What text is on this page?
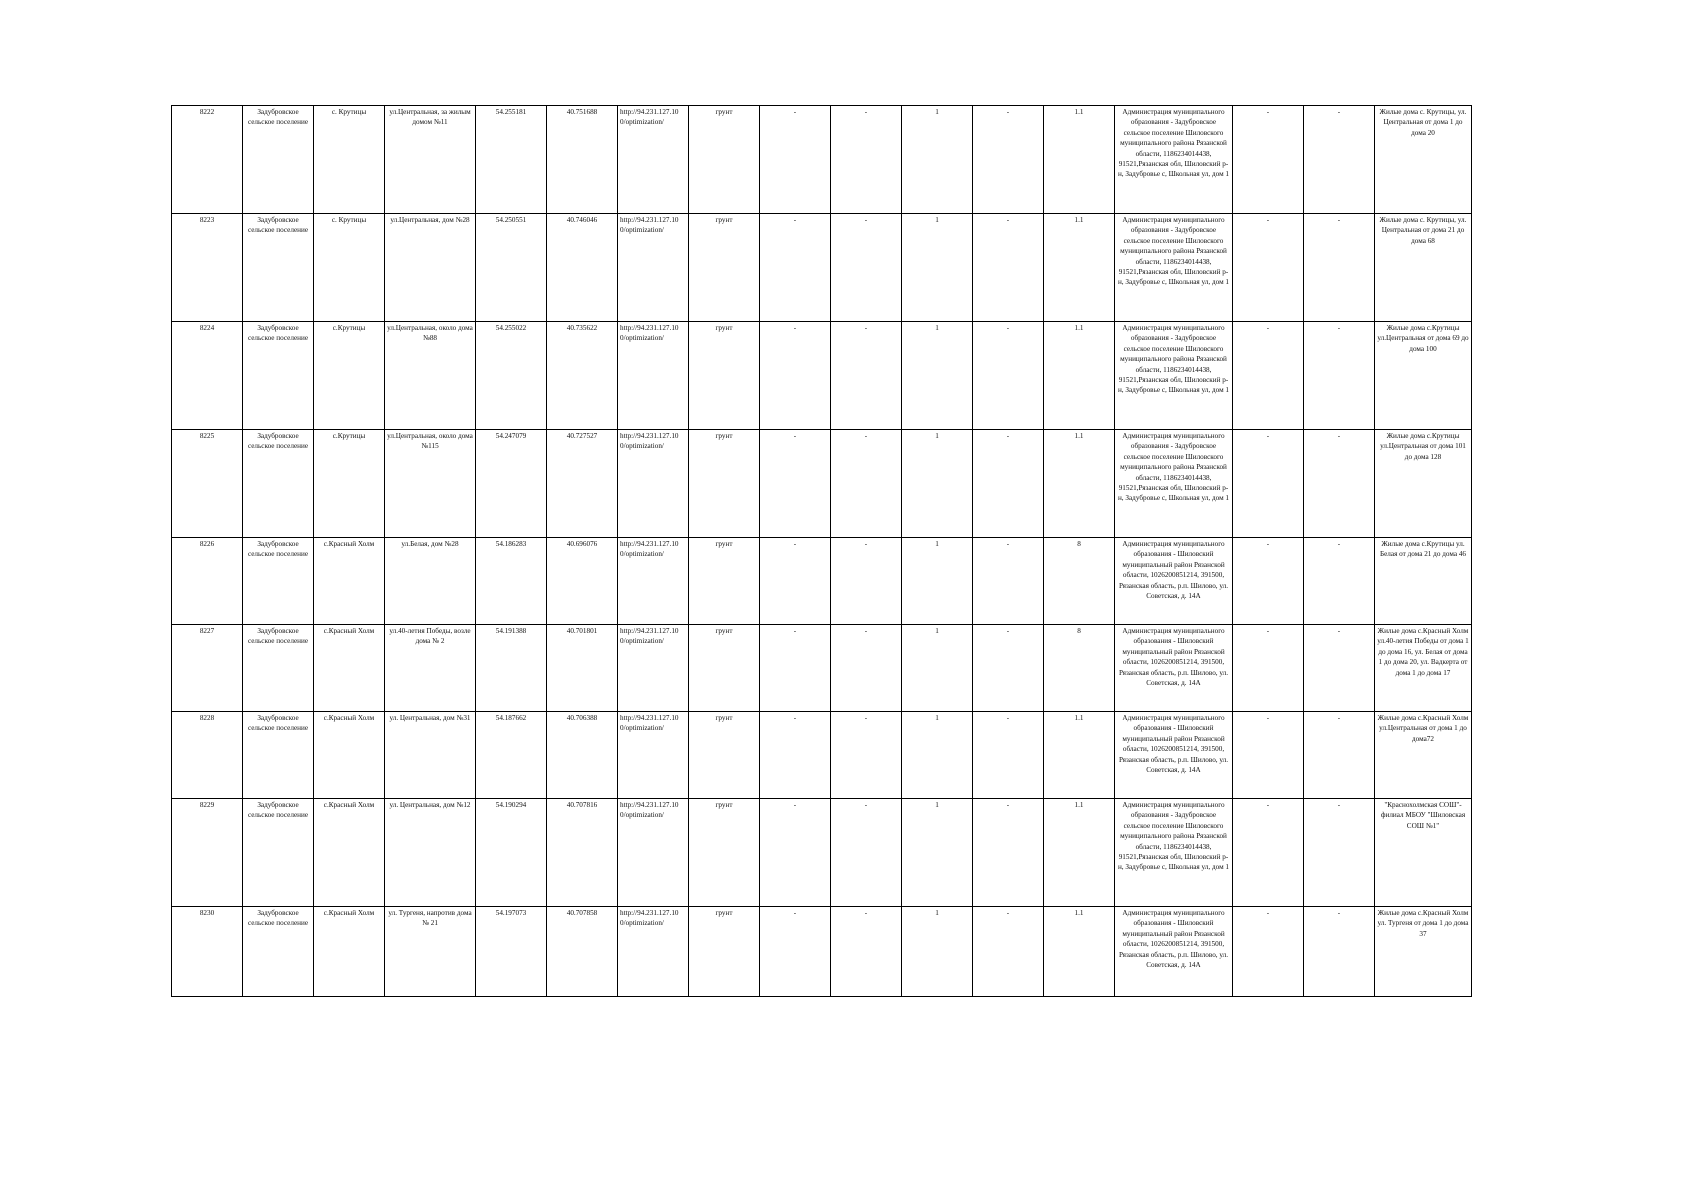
8222	Задубровское сельское поселение	с. Крутицы	ул.Центральная, за жилым домом №11	54.255181	40.751688	http://94.231.127.10 0/optimization/	грунт	-	-	1	-	1.1	Администрация муниципального образования - Задубровское сельское поселение Шиловского муниципального района Рязанской области, 1186234014438, 91521,Рязанская обл, Шиловский р-н, Задубровье с, Школьная ул, дом 1	-	-	Жилые дома с. Крутицы, ул. Центральная от дома 1 до дома 20
8223	Задубровское сельское поселение	с. Крутицы	ул.Центральная, дом №28	54.250551	40.746046	http://94.231.127.10 0/optimization/	грунт	-	-	1	-	1.1	Администрация муниципального образования - Задубровское сельское поселение Шиловского муниципального района Рязанской области, 1186234014438, 91521,Рязанская обл, Шиловский р-н, Задубровье с, Школьная ул, дом 1	-	-	Жилые дома с. Крутицы, ул. Центральная от дома 21 до дома 68
8224	Задубровское сельское поселение	с.Крутицы	ул.Центральная, около дома №88	54.255022	40.735622	http://94.231.127.10 0/optimization/	грунт	-	-	1	-	1.1	Администрация муниципального образования - Задубровское сельское поселение Шиловского муниципального района Рязанской области, 1186234014438, 91521,Рязанская обл, Шиловский р-н, Задубровье с, Школьная ул, дом 1	-	-	Жилые дома с.Крутицы ул.Центральная от дома 69 до дома 100
8225	Задубровское сельское поселение	с.Крутицы	ул.Центральная, около дома №115	54.247079	40.727527	http://94.231.127.10 0/optimization/	грунт	-	-	1	-	1.1	Администрация муниципального образования - Задубровское сельское поселение Шиловского муниципального района Рязанской области, 1186234014438, 91521,Рязанская обл, Шиловский р-н, Задубровье с, Школьная ул, дом 1	-	-	Жилые дома с.Крутицы ул.Центральная от дома 101 до дома 128
8226	Задубровское сельское поселение	с.Красный Холм	ул.Белая, дом №28	54.186283	40.696076	http://94.231.127.10 0/optimization/	грунт	-	-	1	-	8	Администрация муниципального образования - Шиловский муниципальный район Рязанской области, 1026200851214, 391500, Рязанская область, р.п. Шилово, ул. Советская, д. 14А	-	-	Жилые дома с.Крутицы ул. Белая от дома 21 до дома 46
8227	Задубровское сельское поселение	с.Красный Холм	ул.40-летия Победы, возле дома № 2	54.191388	40.701801	http://94.231.127.10 0/optimization/	грунт	-	-	1	-	8	Администрация муниципального образования - Шиловский муниципальный район Рязанской области, 1026200851214, 391500, Рязанская область, р.п. Шилово, ул. Советская, д. 14А	-	-	Жилые дома с.Красный Холм ул.40-летия Победы от дома 1 до дома 16, ул. Белая от дома 1 до дома 20, ул. Вадкерта от дома 1 до дома 17
8228	Задубровское сельское поселение	с.Красный Холм	ул. Центральная, дом №31	54.187662	40.706388	http://94.231.127.10 0/optimization/	грунт	-	-	1	-	1.1	Администрация муниципального образования - Шиловский муниципальный район Рязанской области, 1026200851214, 391500, Рязанская область, р.п. Шилово, ул. Советская, д. 14А	-	-	Жилые дома с.Красный Холм ул.Центральная от дома 1 до дома72
8229	Задубровское сельское поселение	с.Красный Холм	ул. Центральная, дом №12	54.190294	40.707816	http://94.231.127.10 0/optimization/	грунт	-	-	1	-	1.1	Администрация муниципального образования - Задубровское сельское поселение Шиловского муниципального района Рязанской области, 1186234014438, 91521,Рязанская обл, Шиловский р-н, Задубровье с, Школьная ул, дом 1	-	-	"Краснохолмская СОШ"- филиал МБОУ "Шиловская СОШ №1"
8230	Задубровское сельское поселение	с.Красный Холм	ул. Тургеня, напротив дома № 21	54.197073	40.707858	http://94.231.127.10 0/optimization/	грунт	-	-	1	-	1.1	Администрация муниципального образования - Шиловский муниципальный район Рязанской области, 1026200851214, 391500, Рязанская область, р.п. Шилово, ул. Советская, д. 14А	-	-	Жилые дома с.Красный Холм ул. Тургеня от дома 1 до дома 37
